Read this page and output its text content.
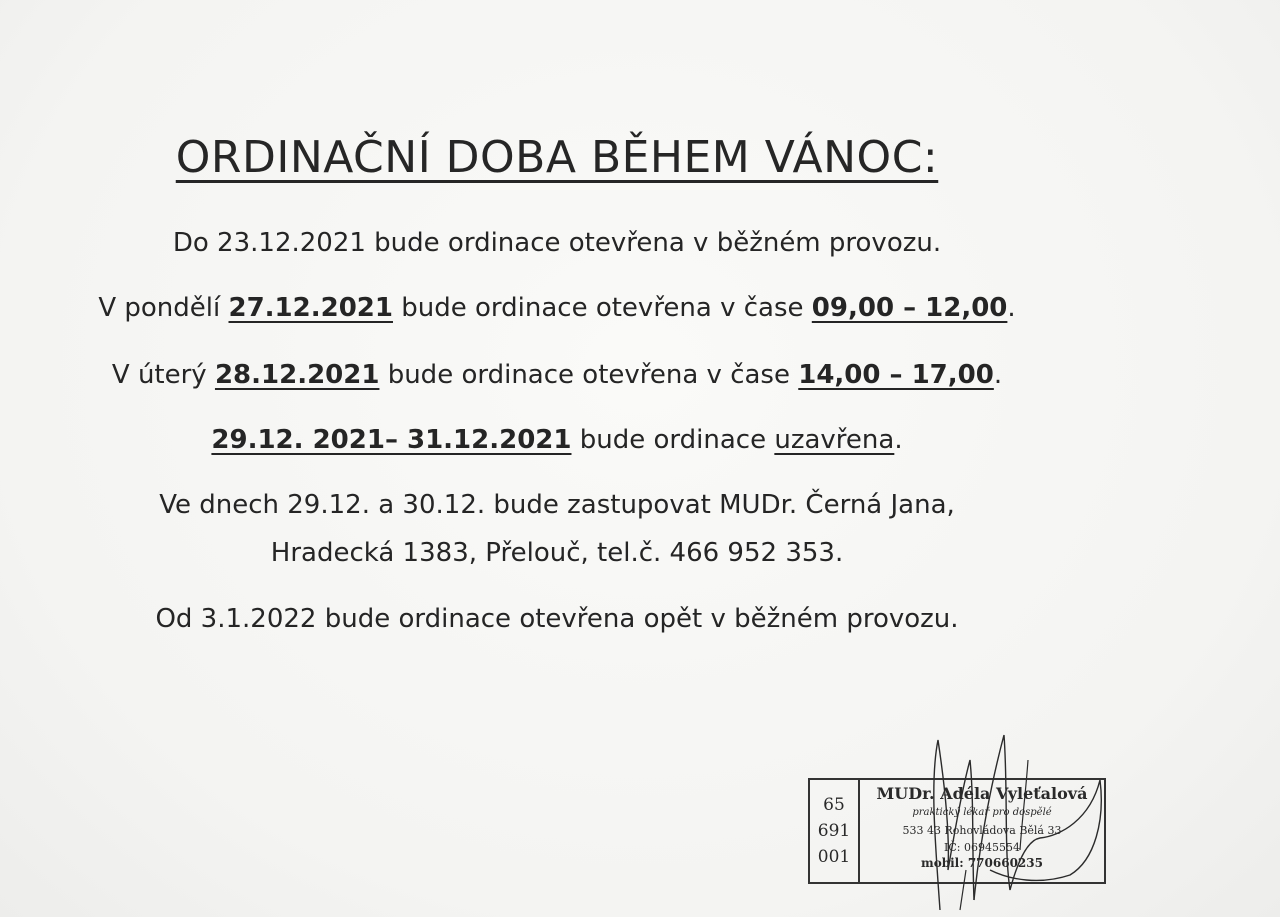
ORDINAČNÍ DOBA BĚHEM VÁNOC:
Do 23.12.2021 bude ordinace otevřena v běžném provozu.
V pondělí 27.12.2021 bude ordinace otevřena v čase 09,00 – 12,00.
V úterý 28.12.2021 bude ordinace otevřena v čase 14,00 – 17,00.
29.12. 2021– 31.12.2021 bude ordinace uzavřena.
Ve dnech 29.12. a 30.12. bude zastupovat MUDr. Černá Jana,
Hradecká 1383, Přelouč, tel.č. 466 952 353.
Od 3.1.2022 bude ordinace otevřena opět v běžném provozu.
65
691
001
MUDr. Adéla Vyleťalová
praktický lékař pro dospělé
533 43 Rohovládova Bělá 33
IČ: 06945554
mobil: 770660235
